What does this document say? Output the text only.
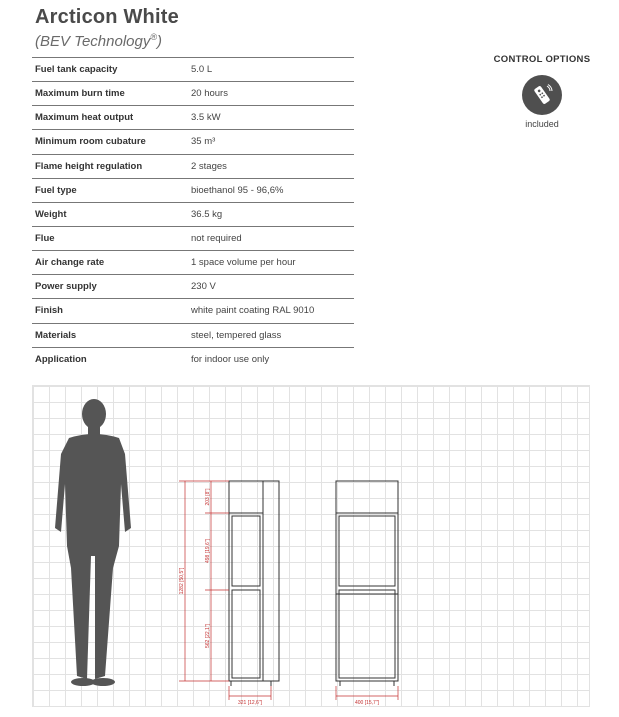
Arcticon White
(BEV Technology®)
Fuel tank capacity	5.0 L
Maximum burn time	20 hours
Maximum heat output	3.5 kW
Minimum room cubature	35 m³
Flame height regulation	2 stages
Fuel type	bioethanol 95 - 96,6%
Weight	36.5 kg
Flue	not required
Air change rate	1 space volume per hour
Power supply	230 V
Finish	white paint coating RAL 9010
Materials	steel, tempered glass
Application	for indoor use only
CONTROL OPTIONS
included
1282 [50,5"]
203 [8"]
498 [19,6"]
562 [22,1"]
321 [12,6"]	400 [15,7"]
